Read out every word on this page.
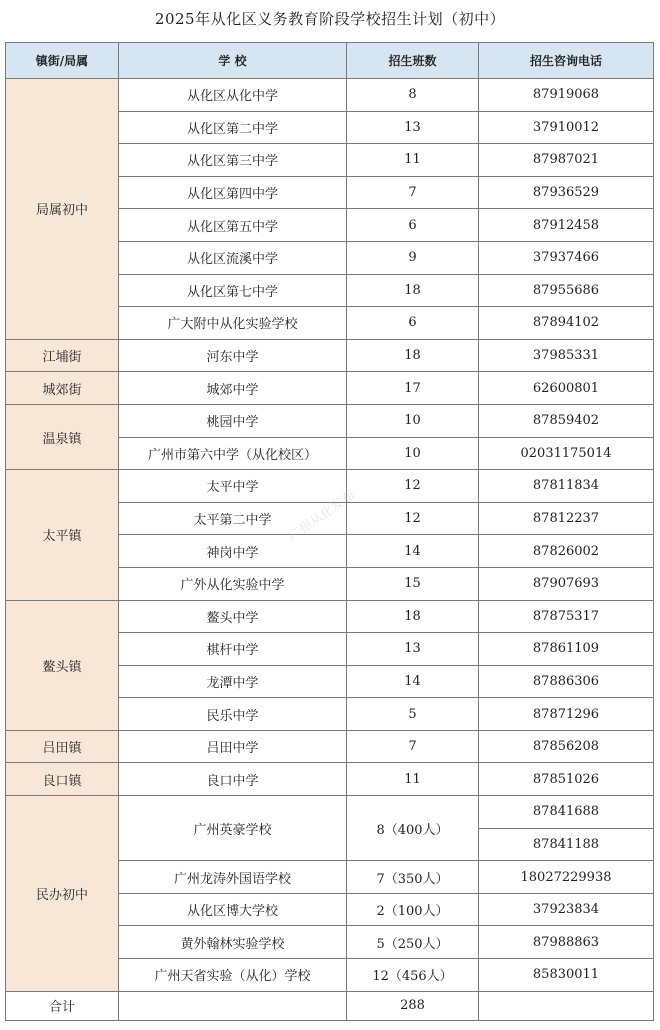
2025年从化区义务教育阶段学校招生计划（初中）
镇街/局属	学 校	招生班数	招生咨询电话
局属初中	从化区从化中学	8	87919068
	从化区第二中学	13	37910012
	从化区第三中学	11	87987021
	从化区第四中学	7	87936529
	从化区第五中学	6	87912458
	从化区流溪中学	9	37937466
	从化区第七中学	18	87955686
	广大附中从化实验学校	6	87894102
江埔街	河东中学	18	37985331
城郊街	城郊中学	17	62600801
温泉镇	桃园中学	10	87859402
	广州市第六中学（从化校区）	10	02031175014
太平镇	太平中学	12	87811834
	太平第二中学	12	87812237
	神岗中学	14	87826002
	广外从化实验中学	15	87907693
鳌头镇	鳌头中学	18	87875317
	棋杆中学	13	87861109
	龙潭中学	14	87886306
	民乐中学	5	87871296
吕田镇	吕田中学	7	87856208
良口镇	良口中学	11	87851026
民办初中	广州英豪学校	8（400人）	87841688
			87841188
	广州龙涛外国语学校	7（350人）	18027229938
	从化区博大学校	2（100人）	37923834
	黄外翰林实验学校	5（250人）	87988863
	广州天省实验（从化）学校	12（456人）	85830011
合计		288	
广州从化发布
